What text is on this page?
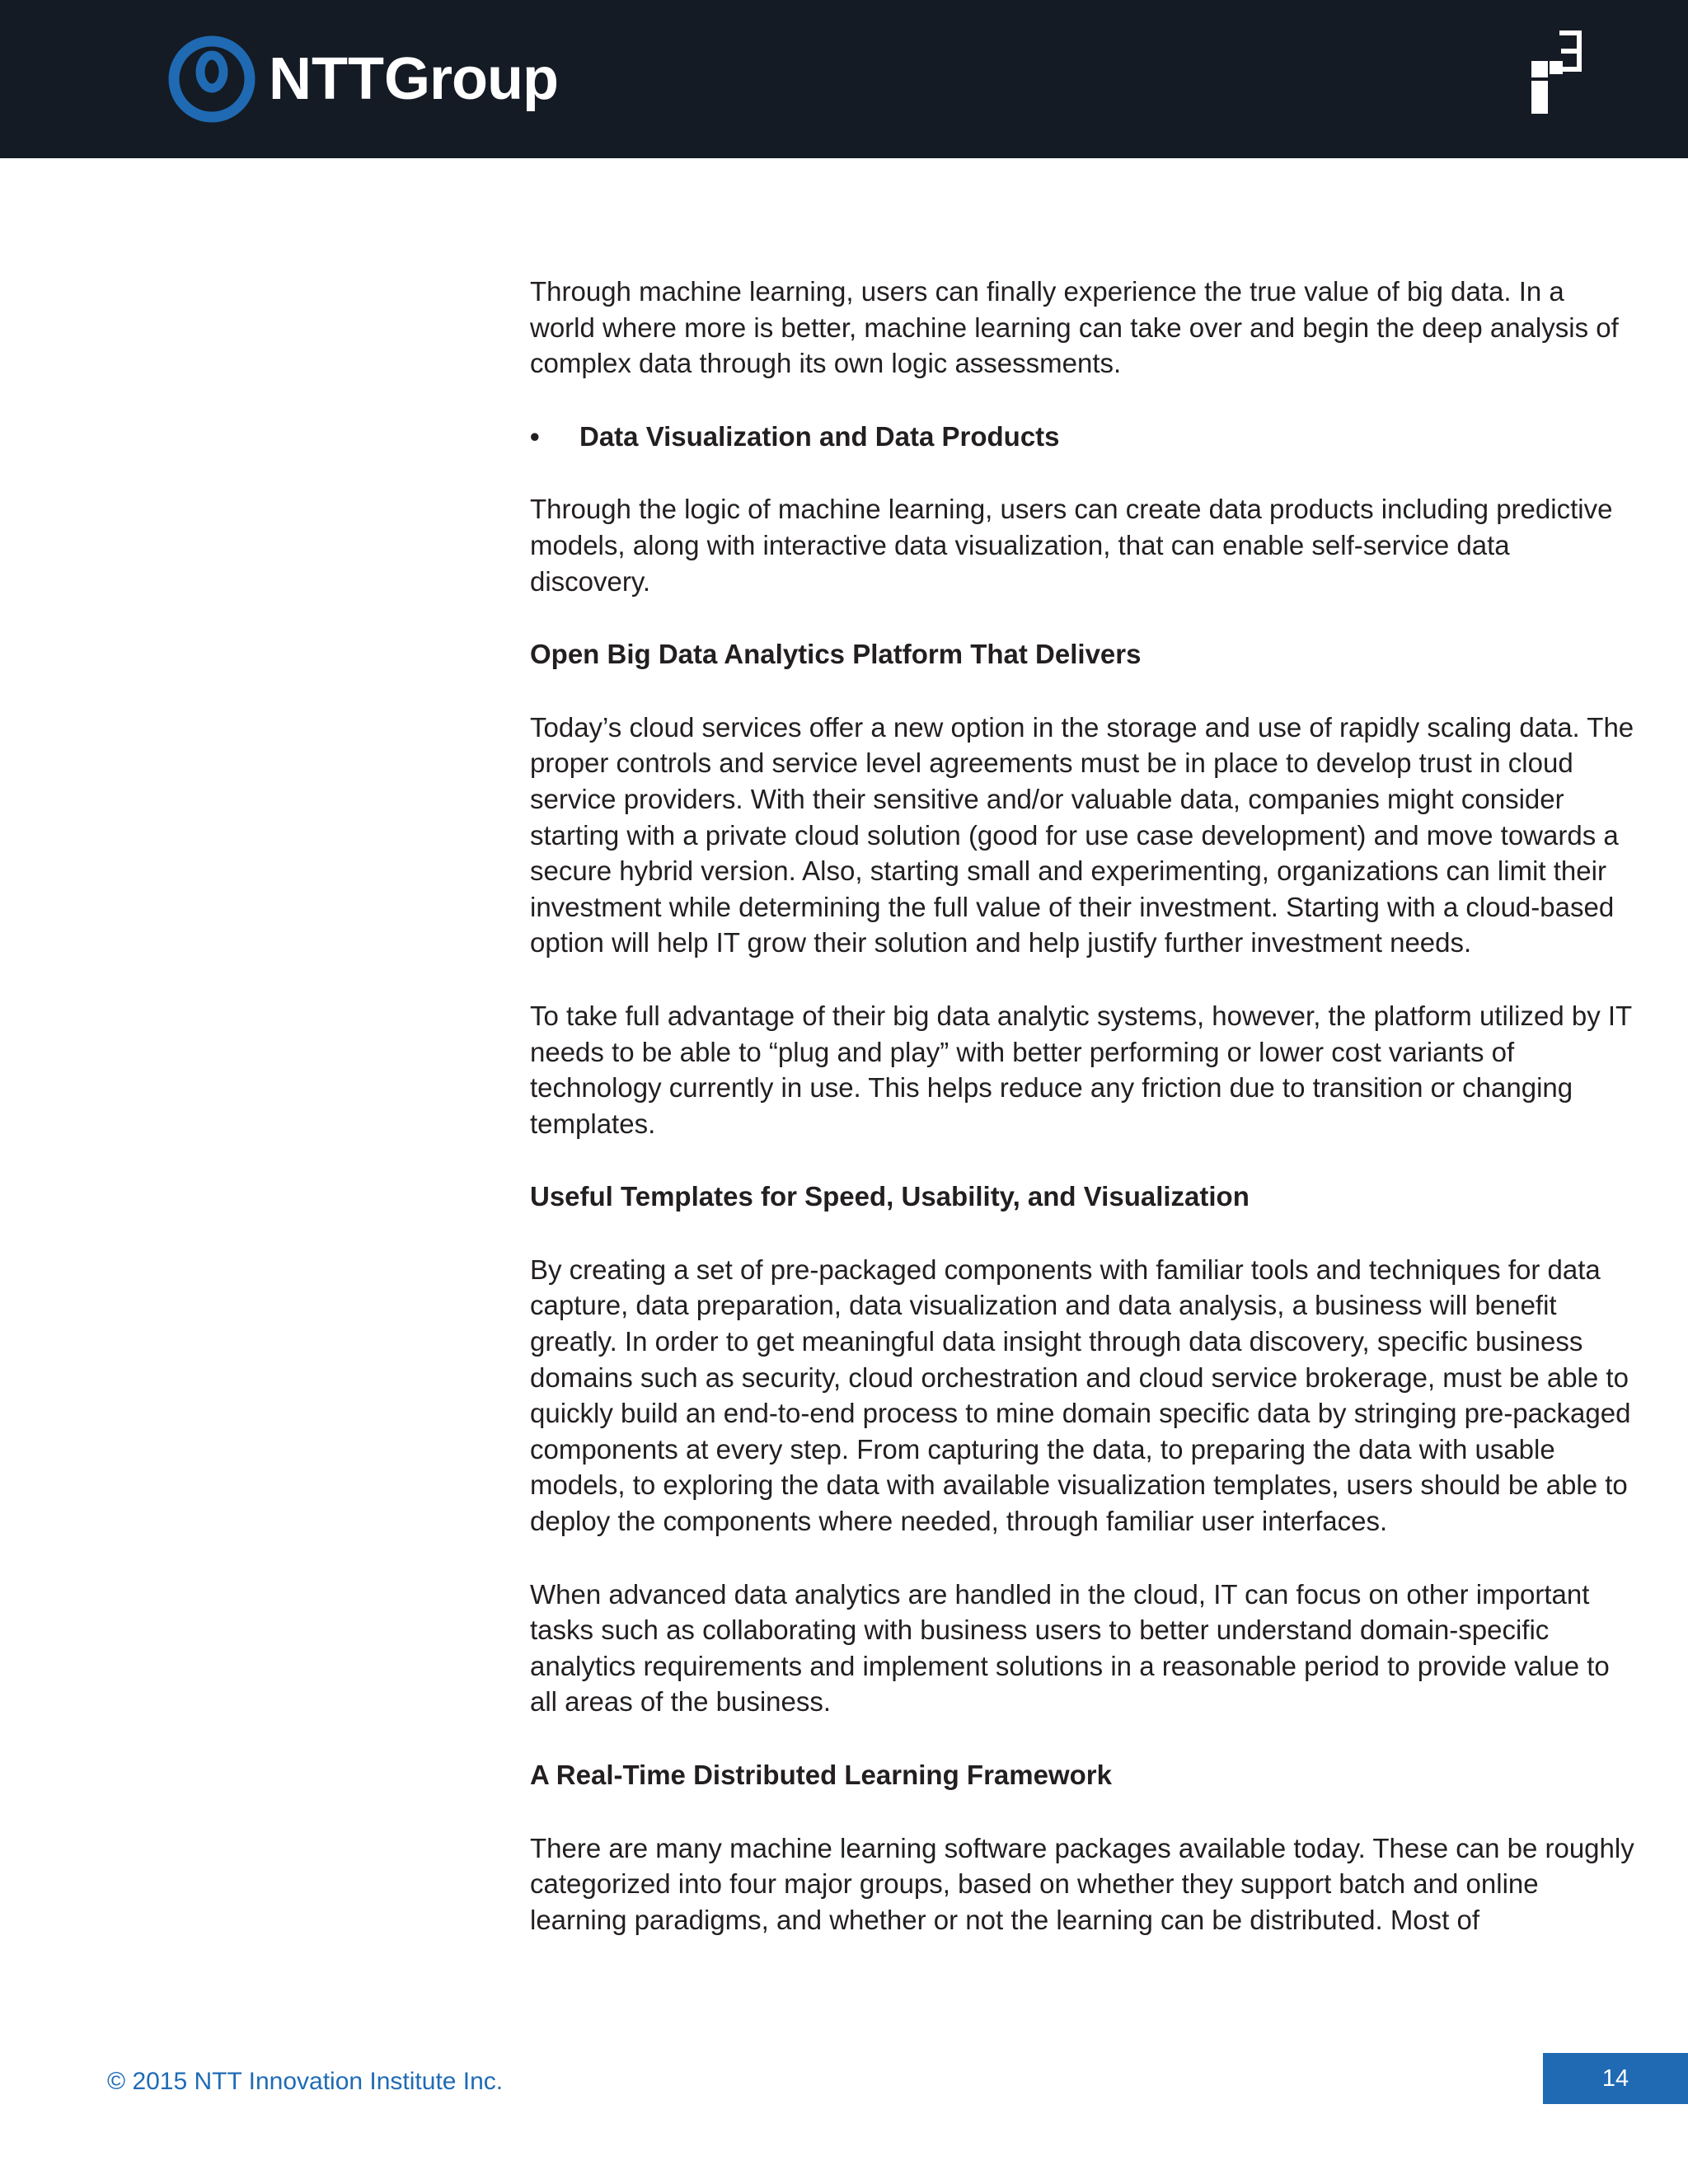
NTTGroup

Through machine learning, users can finally experience the true value of big data. In a world where more is better, machine learning can take over and begin the deep analysis of complex data through its own logic assessments.

•	Data Visualization and Data Products

Through the logic of machine learning, users can create data products including predictive models, along with interactive data visualization, that can enable self-service data discovery.

Open Big Data Analytics Platform That Delivers

Today’s cloud services offer a new option in the storage and use of rapidly scaling data. The proper controls and service level agreements must be in place to develop trust in cloud service providers. With their sensitive and/or valuable data, companies might consider starting with a private cloud solution (good for use case development) and move towards a secure hybrid version. Also, starting small and experimenting, organizations can limit their investment while determining the full value of their investment. Starting with a cloud-based option will help IT grow their solution and help justify further investment needs.

To take full advantage of their big data analytic systems, however, the platform utilized by IT needs to be able to “plug and play” with better performing or lower cost variants of technology currently in use. This helps reduce any friction due to transition or changing templates.

Useful Templates for Speed, Usability, and Visualization

By creating a set of pre-packaged components with familiar tools and techniques for data capture, data preparation, data visualization and data analysis, a business will benefit greatly. In order to get meaningful data insight through data discovery, specific business domains such as security, cloud orchestration and cloud service brokerage, must be able to quickly build an end-to-end process to mine domain specific data by stringing pre-packaged components at every step. From capturing the data, to preparing the data with usable models, to exploring the data with available visualization templates, users should be able to deploy the components where needed, through familiar user interfaces.

When advanced data analytics are handled in the cloud, IT can focus on other important tasks such as collaborating with business users to better understand domain-specific analytics requirements and implement solutions in a reasonable period to provide value to all areas of the business.

A Real-Time Distributed Learning Framework

There are many machine learning software packages available today. These can be roughly categorized into four major groups, based on whether they support batch and online learning paradigms, and whether or not the learning can be distributed. Most of

© 2015 NTT Innovation Institute Inc.	14
